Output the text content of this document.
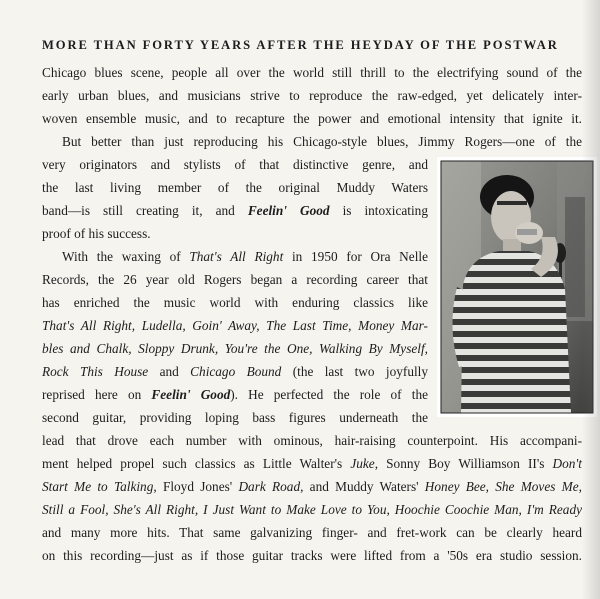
MORE THAN FORTY YEARS AFTER THE HEYDAY OF THE POSTWAR
Chicago blues scene, people all over the world still thrill to the electrifying sound of the
early urban blues, and musicians strive to reproduce the raw-edged, yet delicately inter-
woven ensemble music, and to recapture the power and emotional intensity that ignite it.
But better than just reproducing his Chicago-style blues, Jimmy Rogers—one of the
very originators and stylists of that distinctive genre, and
the last living member of the original Muddy Waters
band—is still creating it, and Feelin' Good is intoxicating
proof of his success.
With the waxing of That's All Right in 1950 for Ora Nelle
Records, the 26 year old Rogers began a recording career that
has enriched the music world with enduring classics like
That's All Right, Ludella, Goin' Away, The Last Time, Money Mar-
bles and Chalk, Sloppy Drunk, You're the One, Walking By Myself,
Rock This House and Chicago Bound (the last two joyfully
reprised here on Feelin' Good). He perfected the role of the
second guitar, providing loping bass figures underneath the
lead that drove each number with ominous, hair-raising counterpoint. His accompani-
ment helped propel such classics as Little Walter's Juke, Sonny Boy Williamson II's Don't
Start Me to Talking, Floyd Jones' Dark Road, and Muddy Waters' Honey Bee, She Moves Me,
Still a Fool, She's All Right, I Just Want to Make Love to You, Hoochie Coochie Man, I'm Ready
and many more hits. That same galvanizing finger- and fret-work can be clearly heard
on this recording—just as if those guitar tracks were lifted from a '50s era studio session.
